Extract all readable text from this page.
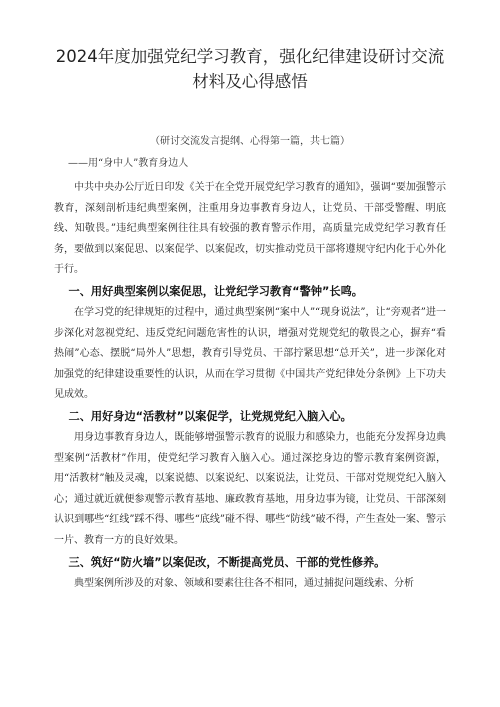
2024年度加强党纪学习教育，强化纪律建设研讨交流
材料及心得感悟
（研讨交流发言提纲、心得第一篇，共七篇）
——用“身中人”教育身边人

中共中央办公厅近日印发《关于在全党开展党纪学习教育的通知》，强调“要加强警示教育，深刻剖析违纪典型案例，注重用身边事教育身边人，让党员、干部受警醒、明底线、知敬畏。”违纪典型案例往往具有较强的教育警示作用，高质量完成党纪学习教育任务，要做到以案促思、以案促学、以案促改，切实推动党员干部将遵规守纪内化于心外化于行。

一、用好典型案例以案促思，让党纪学习教育“警钟”长鸣。

在学习党的纪律规矩的过程中，通过典型案例“案中人”“现身说法”，让“旁观者”进一步深化对忽视党纪、违反党纪问题危害性的认识，增强对党规党纪的敬畏之心，摒弃“看热闹”心态、摆脱“局外人”思想，教育引导党员、干部拧紧思想“总开关”，进一步深化对加强党的纪律建设重要性的认识，从而在学习贯彻《中国共产党纪律处分条例》上下功夫见成效。

二、用好身边“活教材”以案促学，让党规党纪入脑入心。

用身边事教育身边人，既能够增强警示教育的说服力和感染力，也能充分发挥身边典型案例“活教材”作用，使党纪学习教育入脑入心。通过深挖身边的警示教育案例资源，用“活教材”触及灵魂，以案说德、以案说纪、以案说法，让党员、干部对党规党纪入脑入心；通过就近就便参观警示教育基地、廉政教育基地，用身边事为镜，让党员、干部深刻认识到哪些“红线”踩不得、哪些“底线”碰不得、哪些“防线”破不得，产生查处一案、警示一片、教育一方的良好效果。

三、筑好“防火墙”以案促改，不断提高党员、干部的党性修养。

典型案例所涉及的对象、领域和要素往往各不相同，通过捕捉问题线索、分析
